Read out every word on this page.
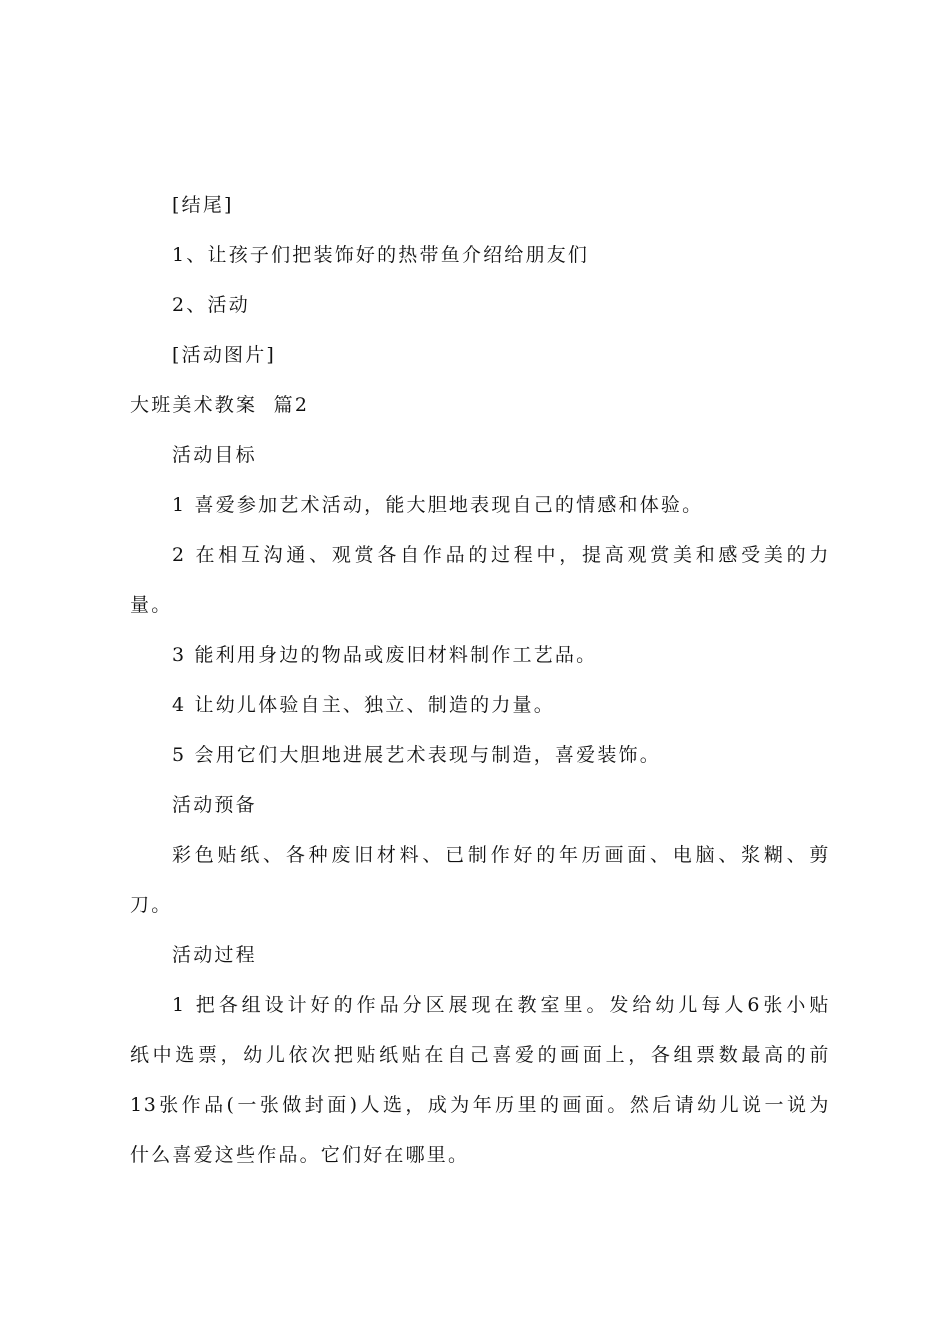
[结尾]
1、让孩子们把装饰好的热带鱼介绍给朋友们
2、活动
[活动图片]
大班美术教案  篇2
活动目标
1 喜爱参加艺术活动，能大胆地表现自己的情感和体验。
2 在相互沟通、观赏各自作品的过程中，提高观赏美和感受美的力
量。
3 能利用身边的物品或废旧材料制作工艺品。
4 让幼儿体验自主、独立、制造的力量。
5 会用它们大胆地进展艺术表现与制造，喜爱装饰。
活动预备
彩色贴纸、各种废旧材料、已制作好的年历画面、电脑、浆糊、剪
刀。
活动过程
1 把各组设计好的作品分区展现在教室里。发给幼儿每人6张小贴
纸中选票，幼儿依次把贴纸贴在自己喜爱的画面上，各组票数最高的前
13张作品(一张做封面)人选，成为年历里的画面。然后请幼儿说一说为
什么喜爱这些作品。它们好在哪里。
